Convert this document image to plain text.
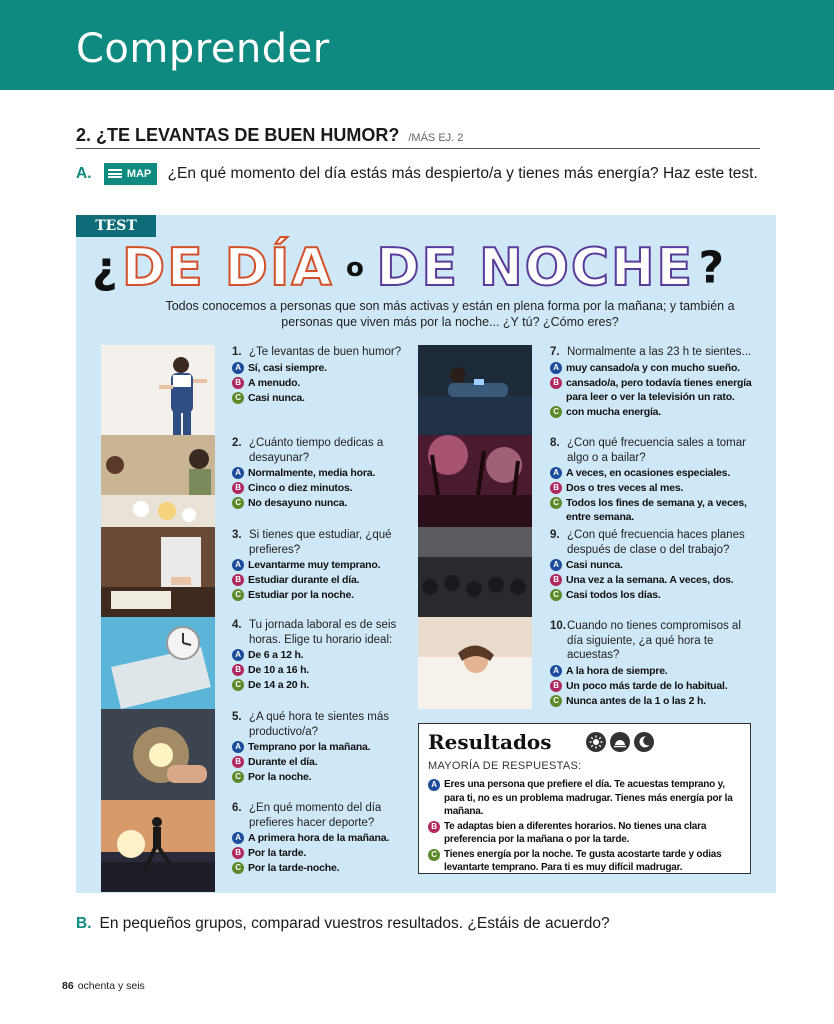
Comprender
2. ¿TE LEVANTAS DE BUEN HUMOR? /MÁS EJ. 2
A.	MAP ¿En qué momento del día estás más despierto/a y tienes más energía? Haz este test.
TEST
¿ DE DÍA o DE NOCHE ?
Todos conocemos a personas que son más activas y están en plena forma por la mañana; y también a personas que viven más por la noche... ¿Y tú? ¿Cómo eres?
1. ¿Te levantas de buen humor?
A Sí, casi siempre.
B A menudo.
C Casi nunca.
2. ¿Cuánto tiempo dedicas a desayunar?
A Normalmente, media hora.
B Cinco o diez minutos.
C No desayuno nunca.
3. Si tienes que estudiar, ¿qué prefieres?
A Levantarme muy temprano.
B Estudiar durante el día.
C Estudiar por la noche.
4. Tu jornada laboral es de seis horas. Elige tu horario ideal:
A De 6 a 12 h.
B De 10 a 16 h.
C De 14 a 20 h.
5. ¿A qué hora te sientes más productivo/a?
A Temprano por la mañana.
B Durante el día.
C Por la noche.
6. ¿En qué momento del día prefieres hacer deporte?
A A primera hora de la mañana.
B Por la tarde.
C Por la tarde-noche.
7. Normalmente a las 23 h te sientes...
A muy cansado/a y con mucho sueño.
B cansado/a, pero todavía tienes energía para leer o ver la televisión un rato.
C con mucha energía.
8. ¿Con qué frecuencia sales a tomar algo o a bailar?
A A veces, en ocasiones especiales.
B Dos o tres veces al mes.
C Todos los fines de semana y, a veces, entre semana.
9. ¿Con qué frecuencia haces planes después de clase o del trabajo?
A Casi nunca.
B Una vez a la semana. A veces, dos.
C Casi todos los días.
10. Cuando no tienes compromisos al día siguiente, ¿a qué hora te acuestas?
A A la hora de siempre.
B Un poco más tarde de lo habitual.
C Nunca antes de la 1 o las 2 h.
Resultados
MAYORÍA DE RESPUESTAS:
A Eres una persona que prefiere el día. Te acuestas temprano y, para ti, no es un problema madrugar. Tienes más energía por la mañana.
B Te adaptas bien a diferentes horarios. No tienes una clara preferencia por la mañana o por la tarde.
C Tienes energía por la noche. Te gusta acostarte tarde y odias levantarte temprano. Para ti es muy difícil madrugar.
B. En pequeños grupos, comparad vuestros resultados. ¿Estáis de acuerdo?
86 ochenta y seis
